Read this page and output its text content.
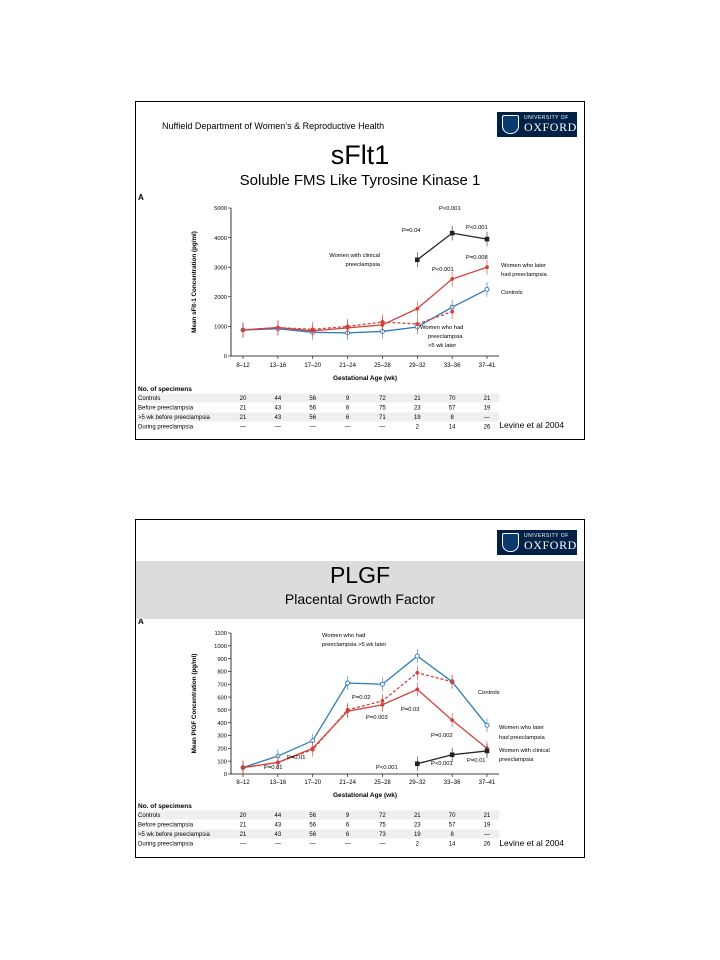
Nuffield Department of Women’s & Reproductive Health
UNIVERSITY OF
OXFORD
sFlt1
Soluble FMS Like Tyrosine Kinase 1
A
0
1000
2000
3000
4000
5000
8–12	13–16	17–20	21–24	25–28	29–32	33–36	37–41
Gestational Age (wk)
Mean sFlt-1 Concentration (pg/ml)
P<0.001
P<0.001
P=0.04
P=0.008
P<0.001
Women with clinical
preeclampsia	Women who later
had preeclampsia
Controls
Women who had
preeclampsia
>5 wk later
No. of specimens
Controls	20	44	56	9	72	21	70	21
Before preeclampsia	21	43	56	6	75	23	57	19
>5 wk before preeclampsia	21	43	56	6	71	19	8	—
During preeclampsia	—	—	—	—	—	2	14	26 Levine et al 2004
UNIVERSITY OF
OXFORD
PLGF
Placental Growth Factor
A
0
100
200
300
400
500
600
700
800
900
1000
1100
8–12	13–16	17–20	21–24	25–28	29–32	33–36	37–41
Gestational Age (wk)
Mean PlGF Concentration (pg/ml)
Women who had
preeclampsia >5 wk later
Controls
P=0.02
P=0.003
P=0.03
P=0.01
P=0.01
P=0.002
P<0.001
P<0.001 P=0.01
Women who later
had preeclampsia
Women with clinical
preeclampsia
No. of specimens
Controls	20	44	56	9	72	21	70	21
Before preeclampsia	21	43	56	6	75	23	57	19
>5 wk before preeclampsia	21	43	56	6	73	19	8	—
During preeclampsia	—	—	—	—	—	2	14	26 Levine et al 2004
